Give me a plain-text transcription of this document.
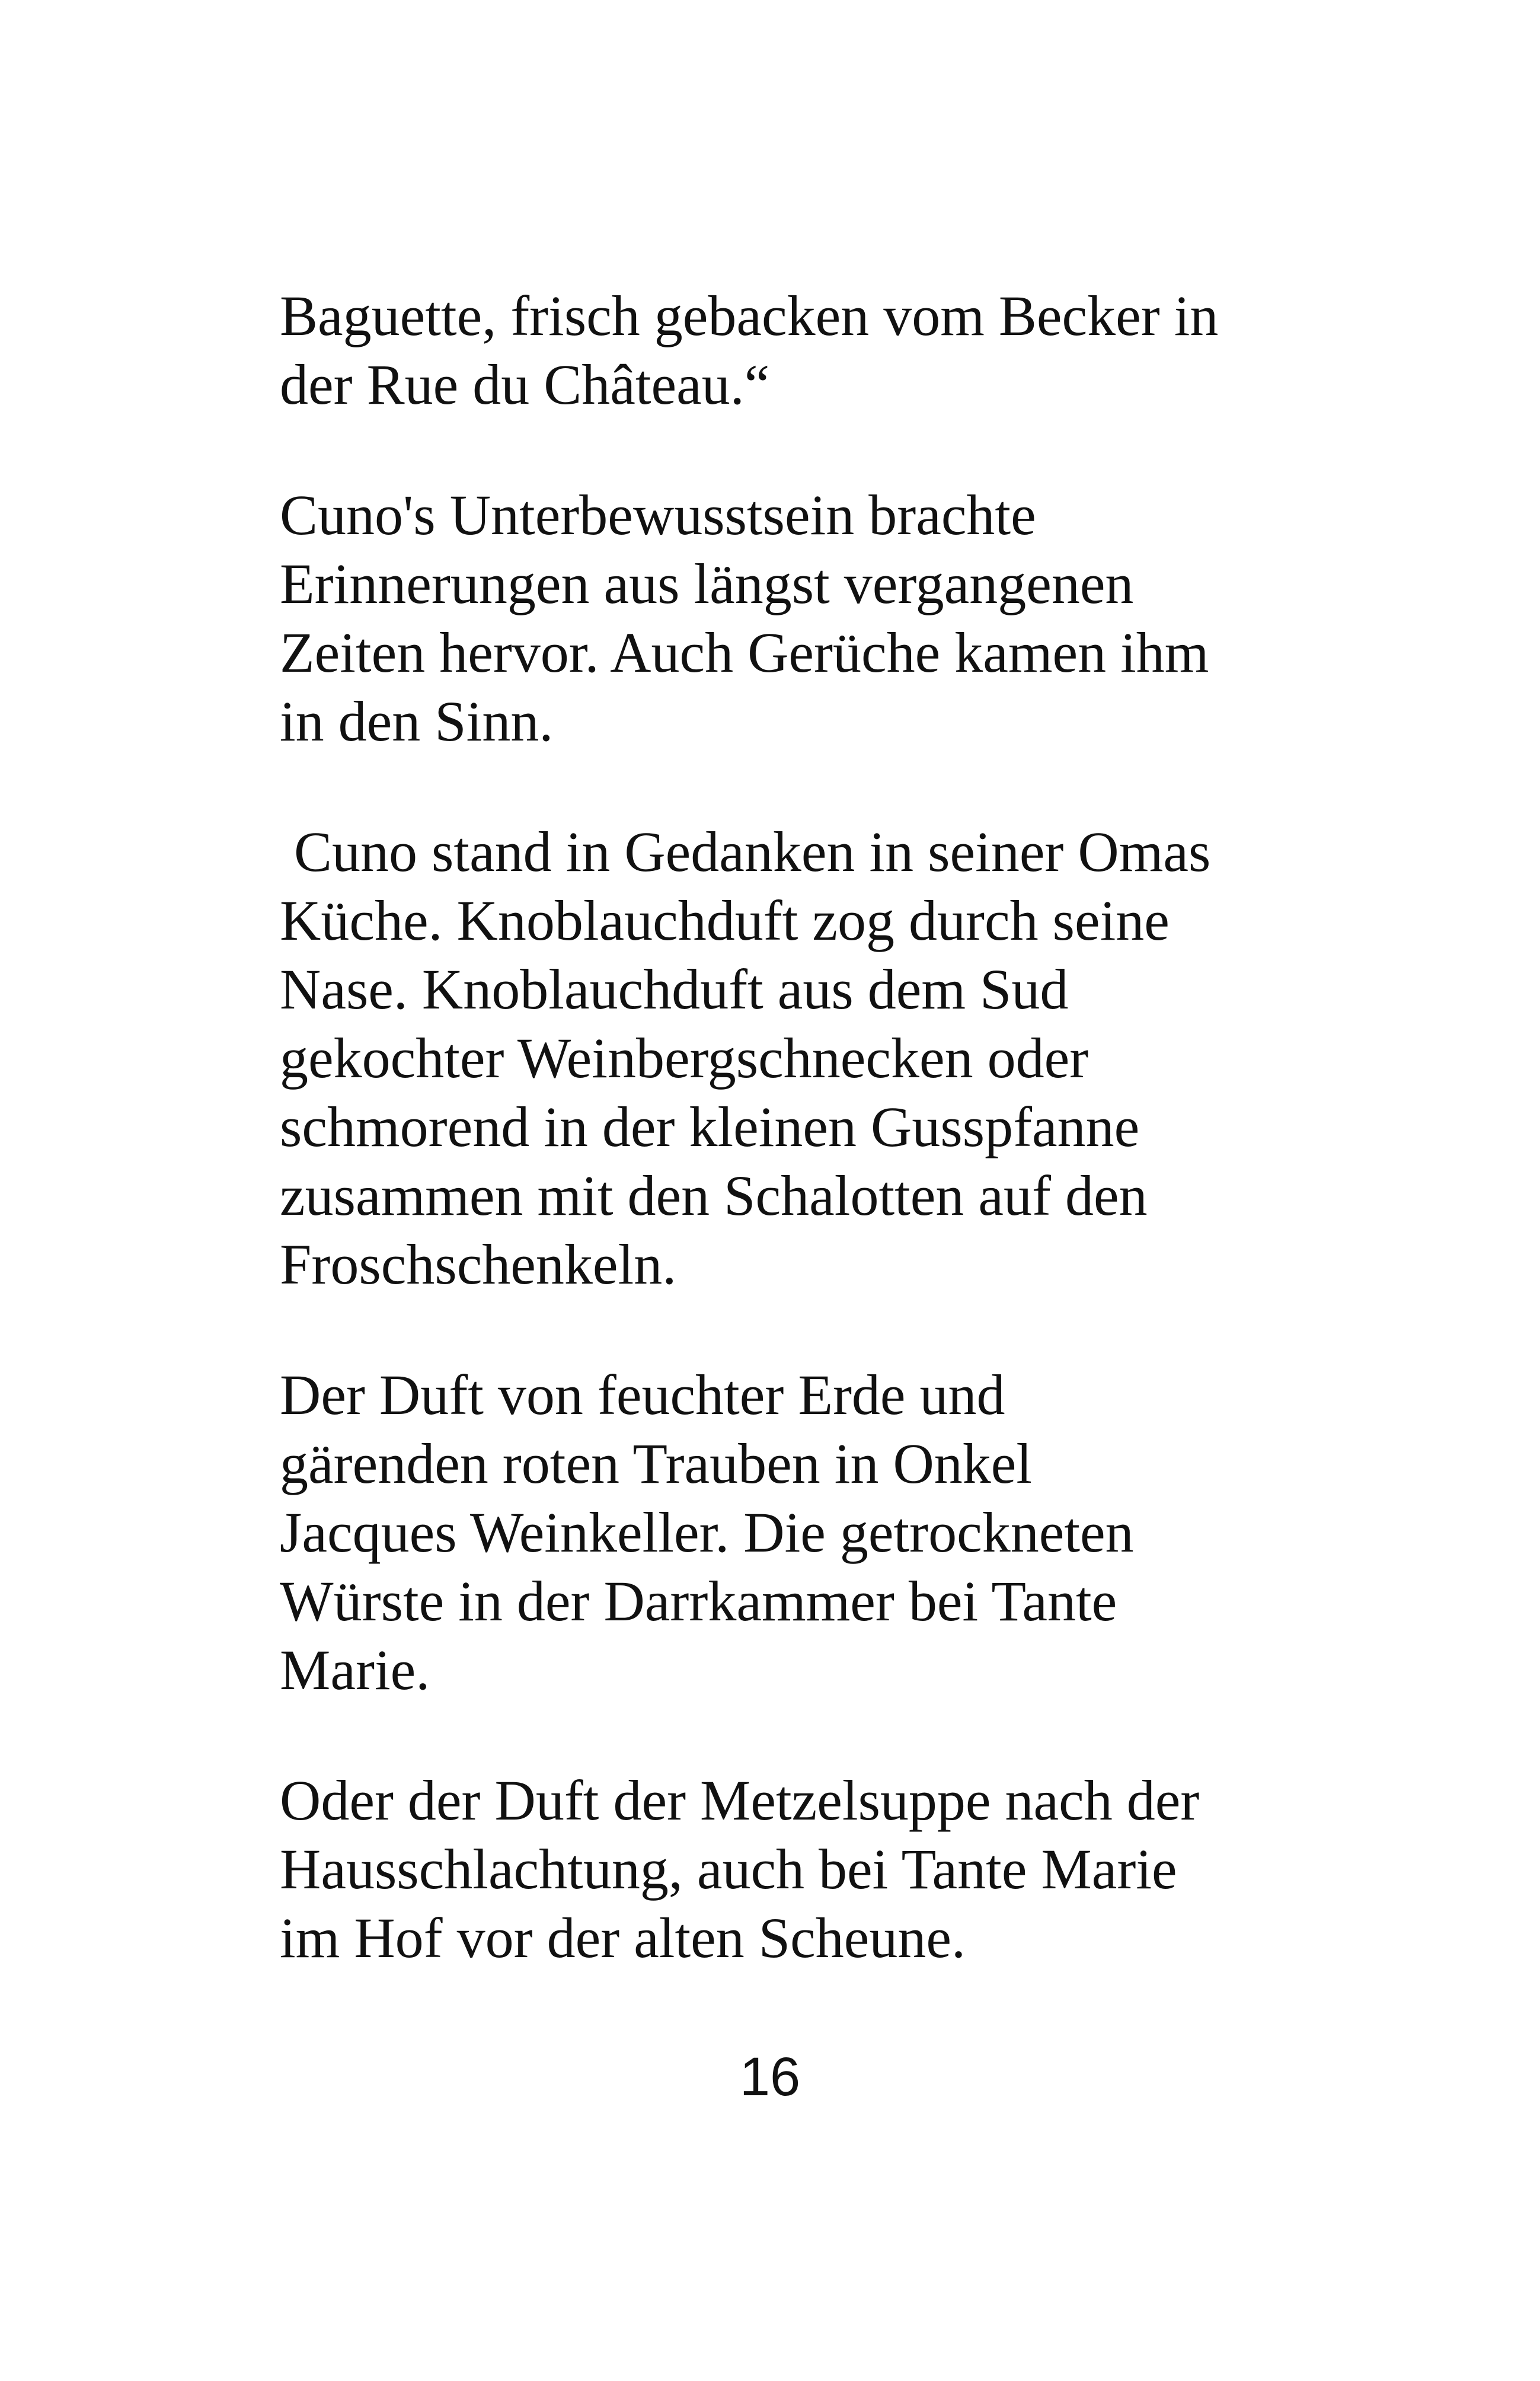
Baguette, frisch gebacken vom Becker in
der Rue du Château.“

Cuno's Unterbewusstsein brachte
Erinnerungen aus längst vergangenen
Zeiten hervor. Auch Gerüche kamen ihm
in den Sinn.

Cuno stand in Gedanken in seiner Omas
Küche. Knoblauchduft zog durch seine
Nase. Knoblauchduft aus dem Sud
gekochter Weinbergschnecken oder
schmorend in der kleinen Gusspfanne
zusammen mit den Schalotten auf den
Froschschenkeln.

Der Duft von feuchter Erde und
gärenden roten Trauben in Onkel
Jacques Weinkeller. Die getrockneten
Würste in der Darrkammer bei Tante
Marie.

Oder der Duft der Metzelsuppe nach der
Hausschlachtung, auch bei Tante Marie
im Hof vor der alten Scheune.

16
